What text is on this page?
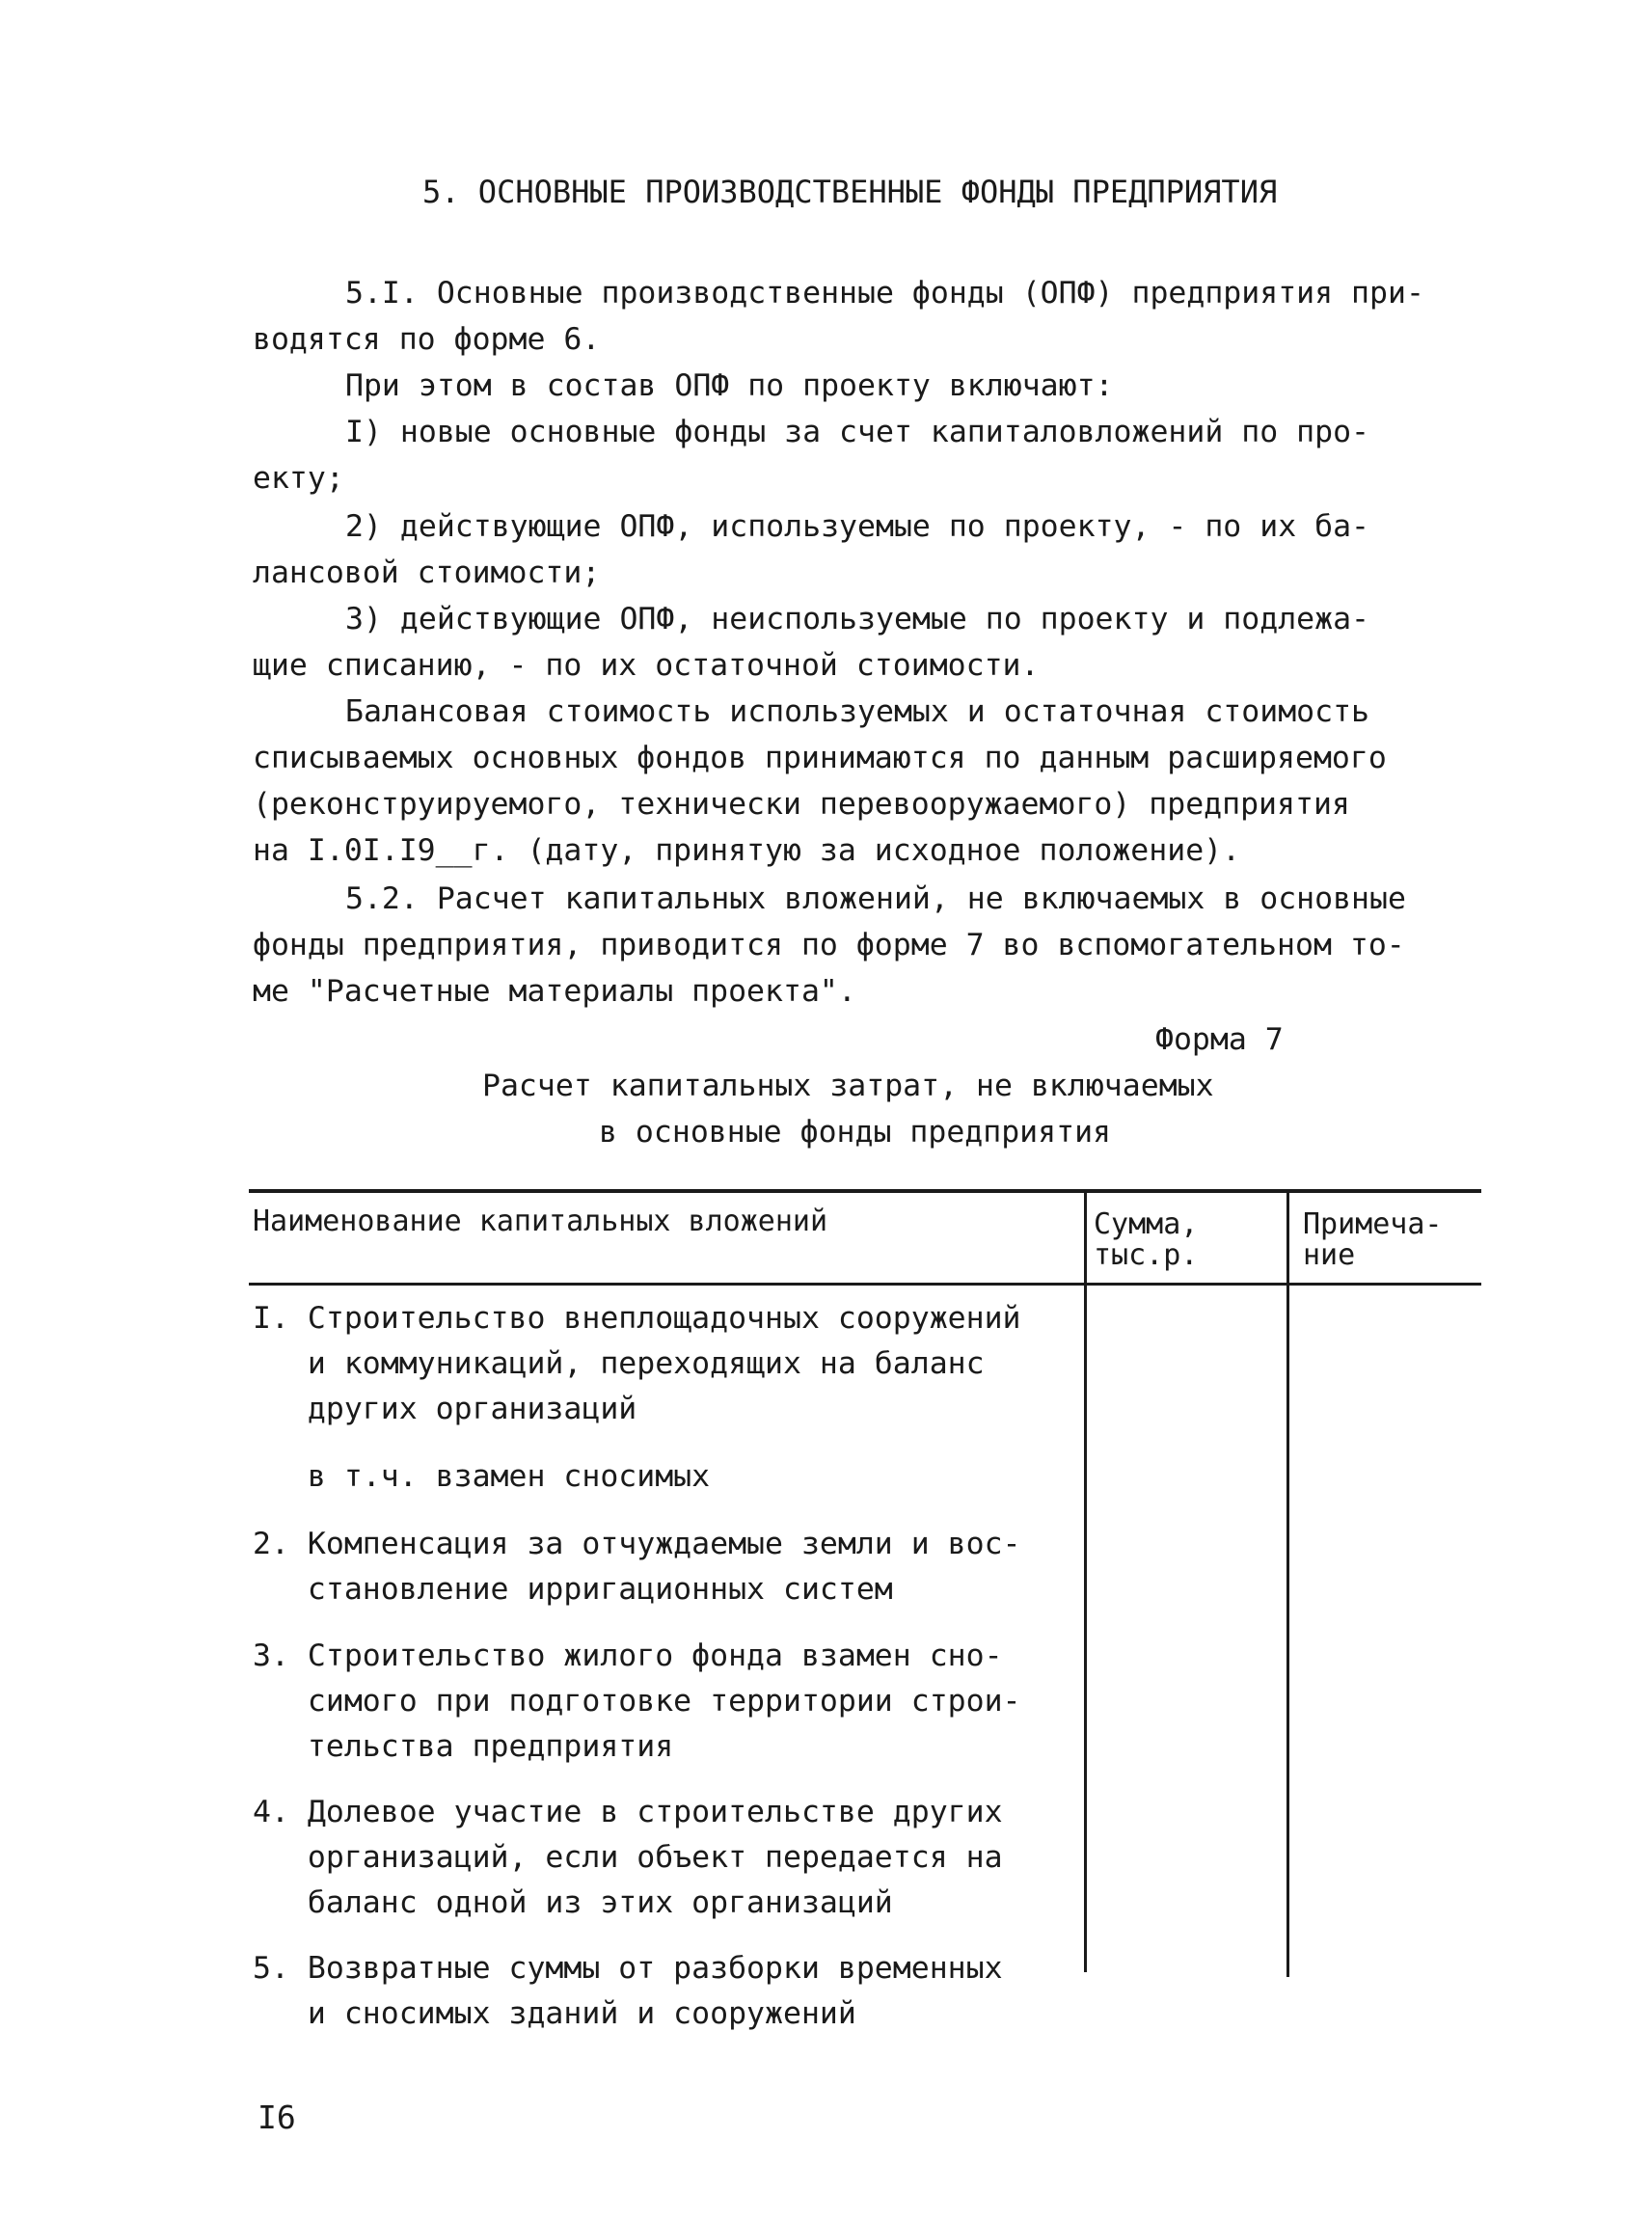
5. ОСНОВНЫЕ ПРОИЗВОДСТВЕННЫЕ ФОНДЫ ПРЕДПРИЯТИЯ
5.I. Основные производственные фонды (ОПФ) предприятия при-
водятся по форме 6.
При этом в состав ОПФ по проекту включают:
I) новые основные фонды за счет капиталовложений по про-
екту;
2) действующие ОПФ, используемые по проекту, - по их ба-
лансовой стоимости;
3) действующие ОПФ, неиспользуемые по проекту и подлежа-
щие списанию, - по их остаточной стоимости.
Балансовая стоимость используемых и остаточная стоимость
списываемых основных фондов принимаются по данным расширяемого
(реконструируемого, технически перевооружаемого) предприятия
на I.0I.I9__г. (дату, принятую за исходное положение).
5.2. Расчет капитальных вложений, не включаемых в основные
фонды предприятия, приводится по форме 7 во вспомогательном то-
ме "Расчетные материалы проекта".
Форма 7
Расчет капитальных затрат, не включаемых
в основные фонды предприятия
Наименование капитальных вложений	Сумма,
тыс.р.
Примеча-
ние
I. Строительство внеплощадочных сооружений
и коммуникаций, переходящих на баланс
других организаций
в т.ч. взамен сносимых
2. Компенсация за отчуждаемые земли и вос-
становление ирригационных систем
3. Строительство жилого фонда взамен сно-
симого при подготовке территории строи-
тельства предприятия
4. Долевое участие в строительстве других
организаций, если объект передается на
баланс одной из этих организаций
5. Возвратные суммы от разборки временных
и сносимых зданий и сооружений
I6
